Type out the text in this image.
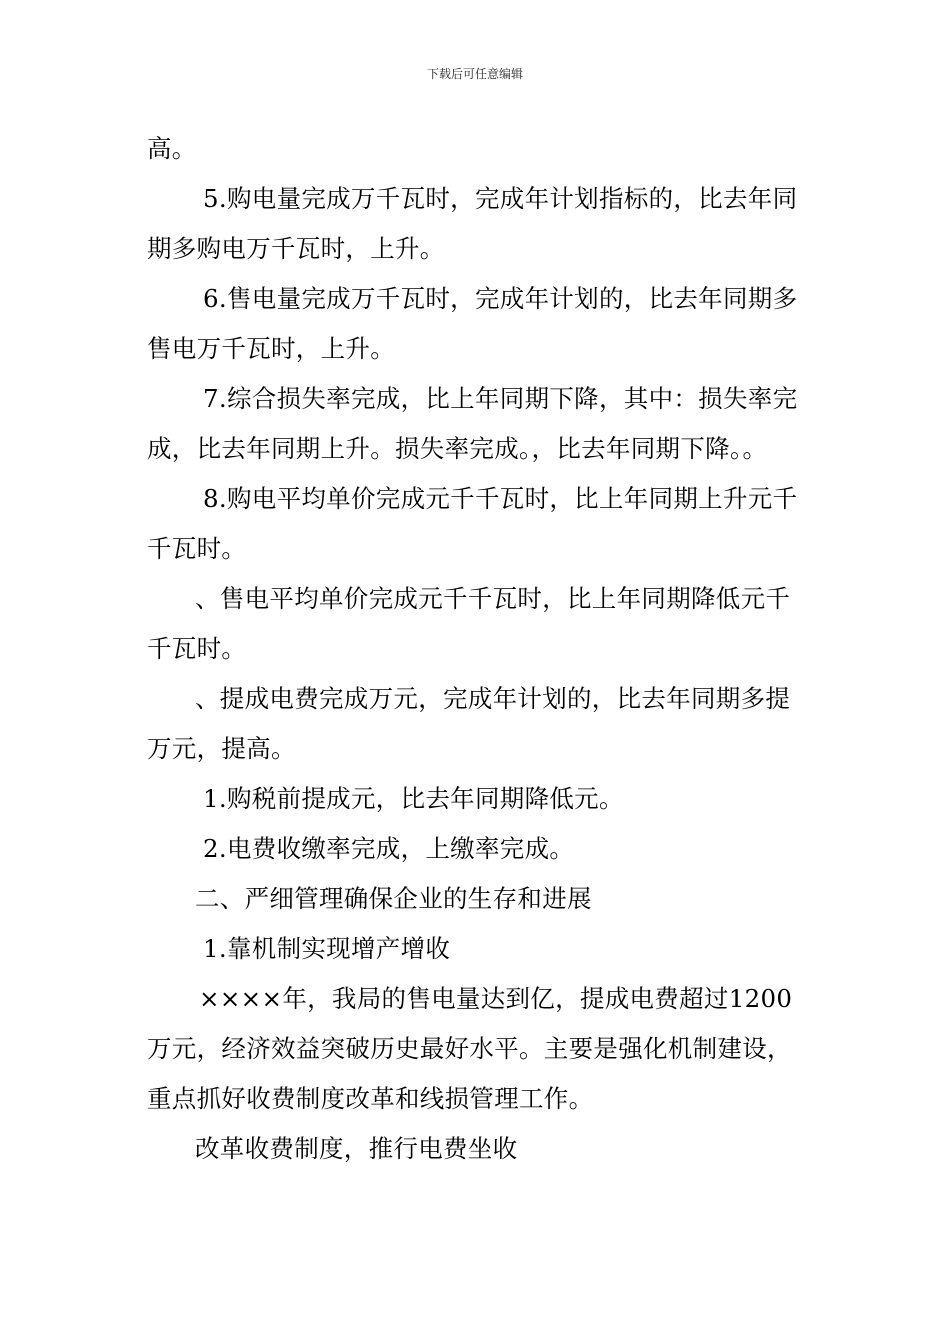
下载后可任意编辑

高。

5.购电量完成万千瓦时，完成年计划指标的，比去年同期多购电万千瓦时，上升。

6.售电量完成万千瓦时，完成年计划的，比去年同期多售电万千瓦时，上升。

7.综合损失率完成，比上年同期下降，其中：损失率完成，比去年同期上升。损失率完成。，比去年同期下降。。

8.购电平均单价完成元千千瓦时，比上年同期上升元千千瓦时。

、售电平均单价完成元千千瓦时，比上年同期降低元千千瓦时。

、提成电费完成万元，完成年计划的，比去年同期多提万元，提高。

1.购税前提成元，比去年同期降低元。

2.电费收缴率完成，上缴率完成。

二、严细管理确保企业的生存和进展

1.靠机制实现增产增收

××××年，我局的售电量达到亿，提成电费超过1200万元，经济效益突破历史最好水平。主要是强化机制建设，重点抓好收费制度改革和线损管理工作。

改革收费制度，推行电费坐收
